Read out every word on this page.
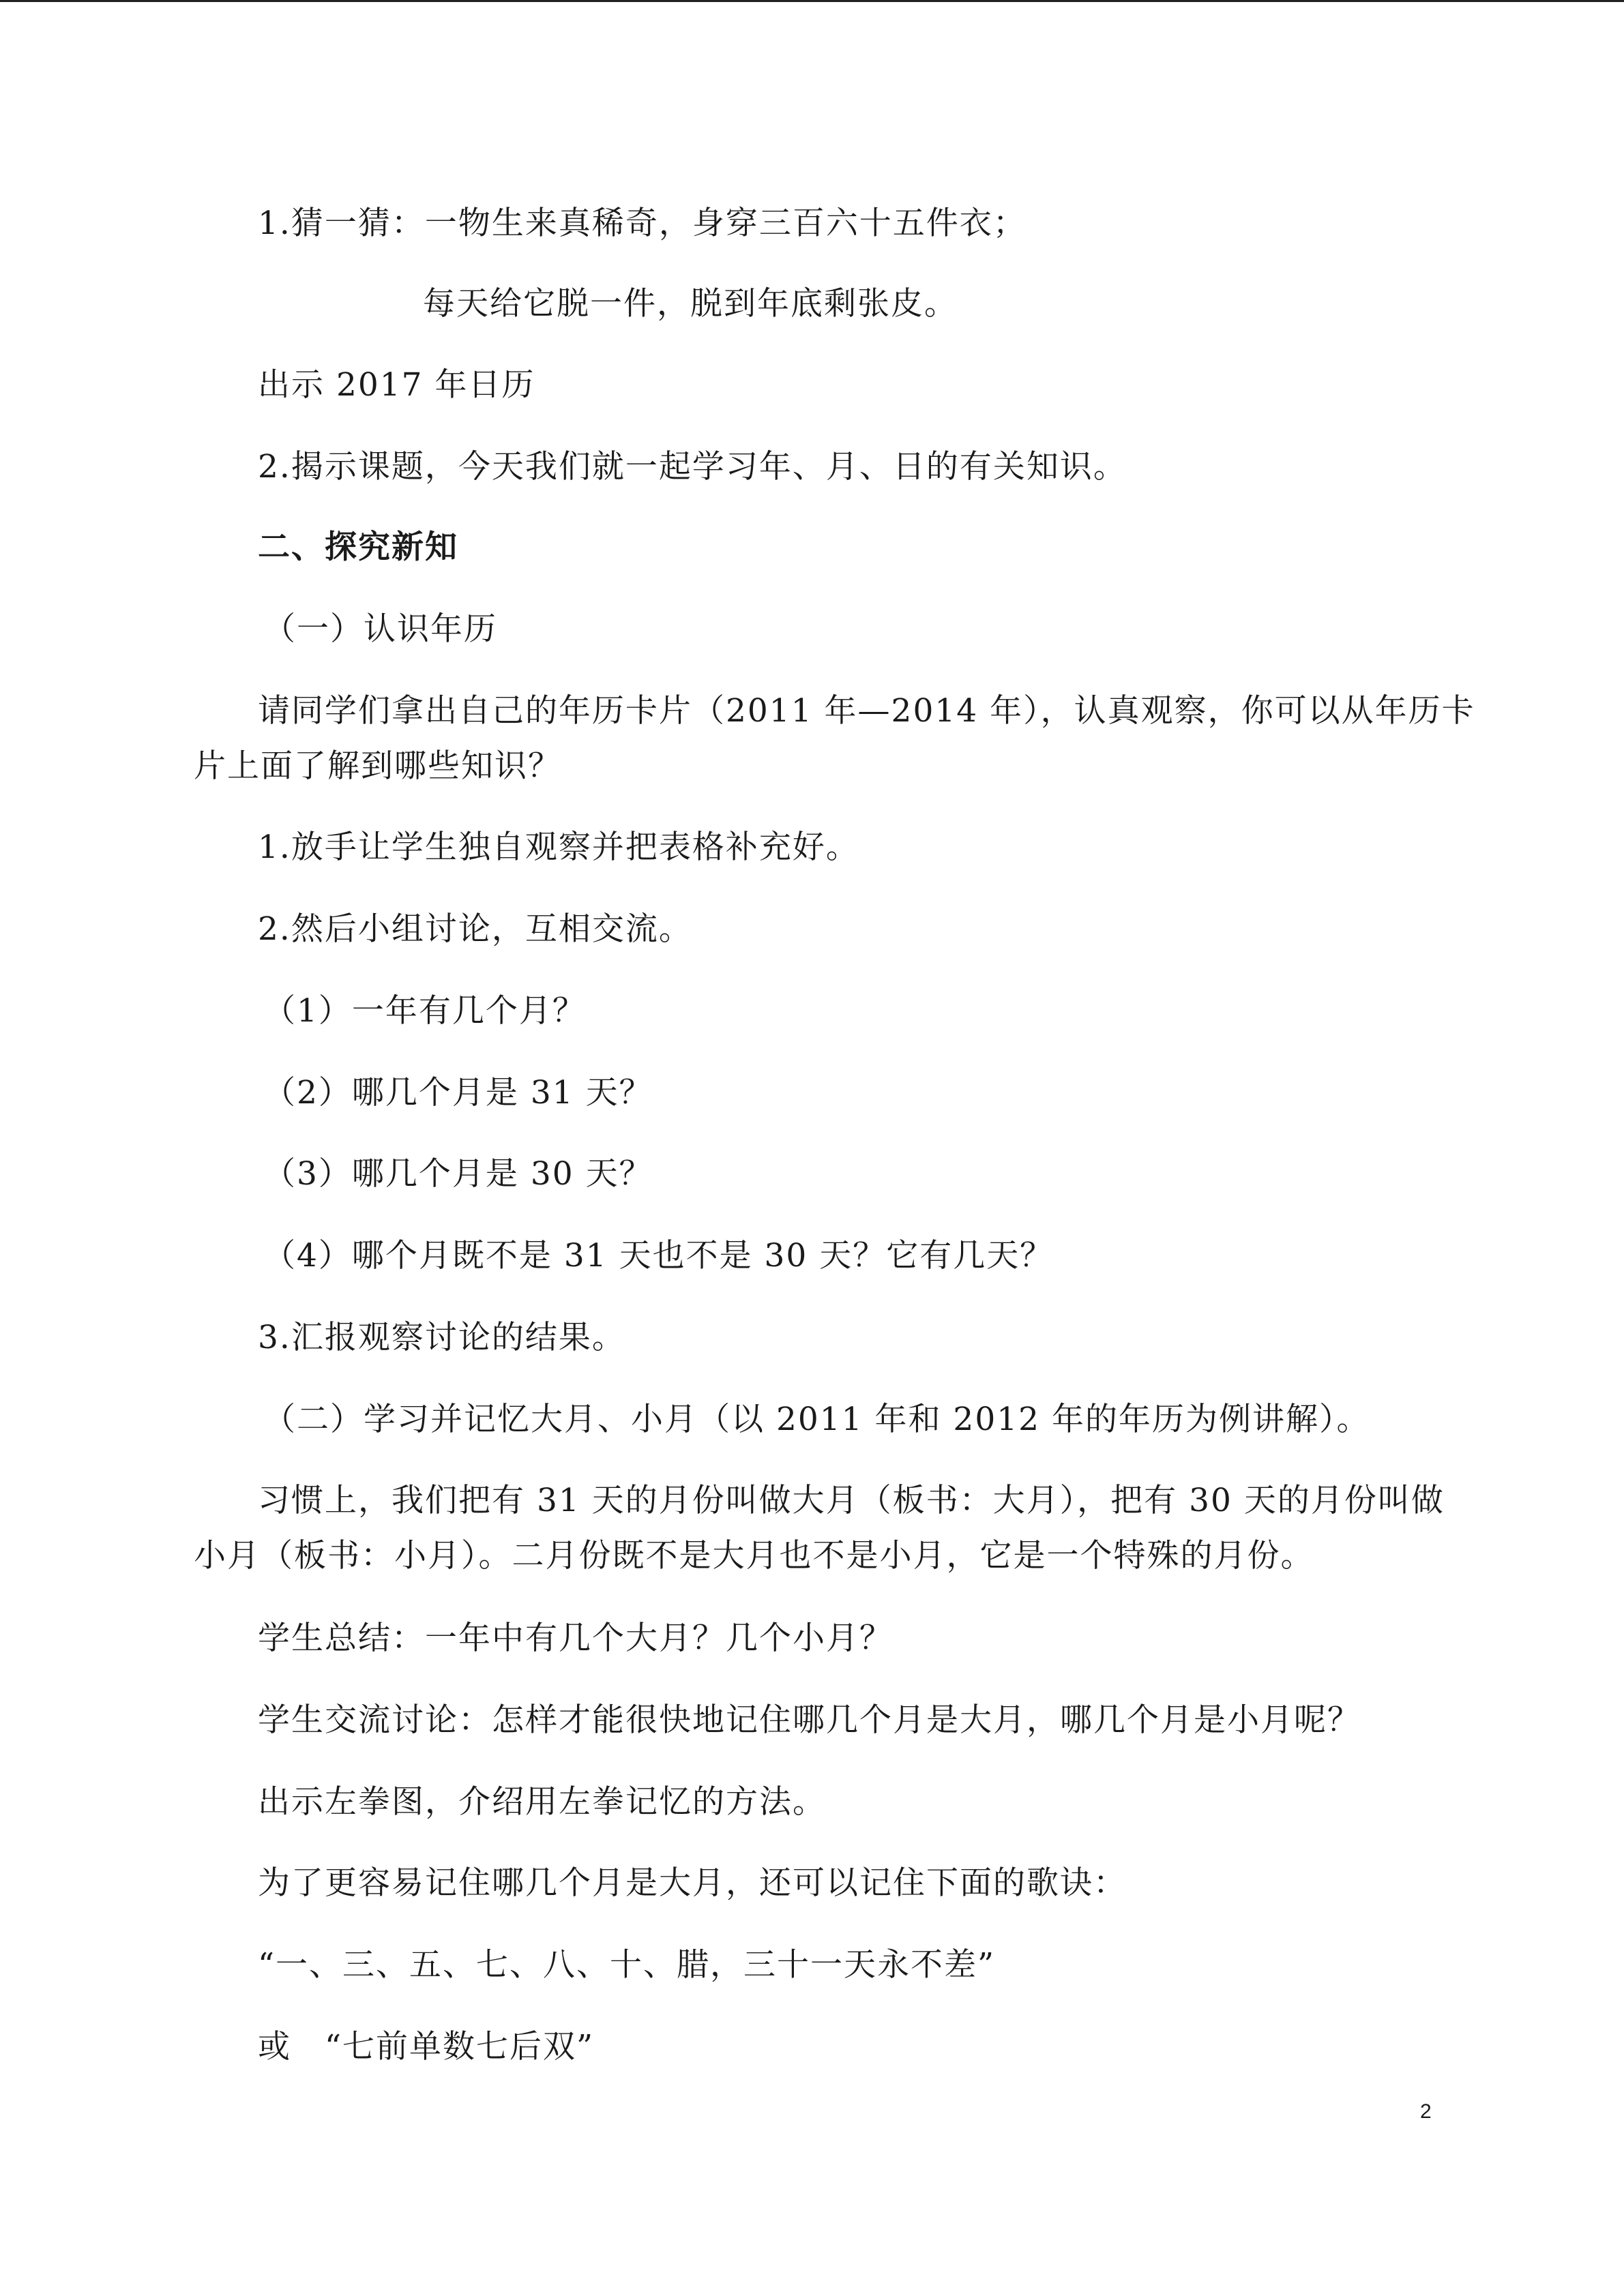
1.猜一猜：一物生来真稀奇，身穿三百六十五件衣；
每天给它脱一件，脱到年底剩张皮。
出示 2017 年日历
2.揭示课题，今天我们就一起学习年、月、日的有关知识。
二、探究新知
（一）认识年历
请同学们拿出自己的年历卡片（2011 年—2014 年），认真观察，你可以从年历卡
片上面了解到哪些知识？
1.放手让学生独自观察并把表格补充好。
2.然后小组讨论，互相交流。
（1）一年有几个月？
（2）哪几个月是 31 天？
（3）哪几个月是 30 天？
（4）哪个月既不是 31 天也不是 30 天？它有几天？
3.汇报观察讨论的结果。
（二）学习并记忆大月、小月（以 2011 年和 2012 年的年历为例讲解）。
习惯上，我们把有 31 天的月份叫做大月（板书：大月），把有 30 天的月份叫做
小月（板书：小月）。二月份既不是大月也不是小月，它是一个特殊的月份。
学生总结：一年中有几个大月？几个小月？
学生交流讨论：怎样才能很快地记住哪几个月是大月，哪几个月是小月呢？
出示左拳图，介绍用左拳记忆的方法。
为了更容易记住哪几个月是大月，还可以记住下面的歌诀：
“一、三、五、七、八、十、腊，三十一天永不差”
或　“七前单数七后双”
2
